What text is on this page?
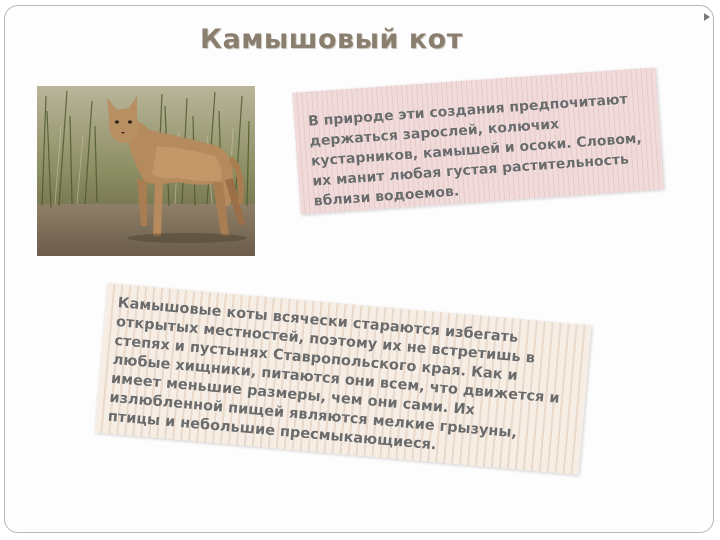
Камышовый кот

В природе эти создания предпочитают держаться зарослей, колючих кустарников, камышей и осоки. Словом, их манит любая густая растительность вблизи водоемов.

Камышовые коты всячески стараются избегать открытых местностей, поэтому их не встретишь в степях и пустынях Ставропольского края. Как и любые хищники, питаются они всем, что движется и имеет меньшие размеры, чем они сами. Их излюбленной пищей являются мелкие грызуны, птицы и небольшие пресмыкающиеся.
